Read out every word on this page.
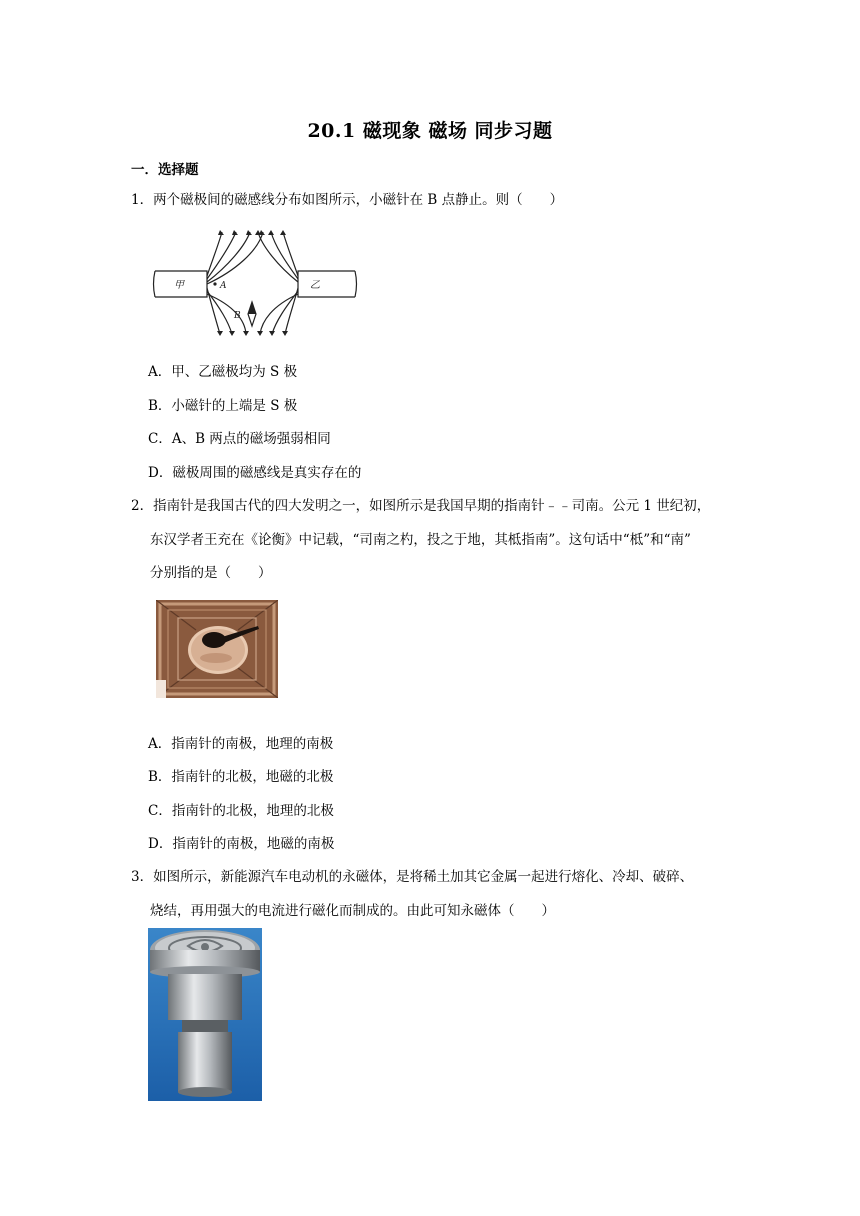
20.1 磁现象 磁场 同步习题
一．选择题
1．两个磁极间的磁感线分布如图所示，小磁针在 B 点静止。则（　　）
甲	乙
A
B
A．甲、乙磁极均为 S 极
B．小磁针的上端是 S 极
C．A、B 两点的磁场强弱相同
D．磁极周围的磁感线是真实存在的
2．指南针是我国古代的四大发明之一，如图所示是我国早期的指南针﹣﹣司南。公元 1 世纪初，
东汉学者王充在《论衡》中记载，“司南之杓，投之于地，其柢指南”。这句话中“柢”和“南”
分别指的是（　　）
A．指南针的南极，地理的南极
B．指南针的北极，地磁的北极
C．指南针的北极，地理的北极
D．指南针的南极，地磁的南极
3．如图所示，新能源汽车电动机的永磁体，是将稀土加其它金属一起进行熔化、冷却、破碎、
烧结，再用强大的电流进行磁化而制成的。由此可知永磁体（　　）
